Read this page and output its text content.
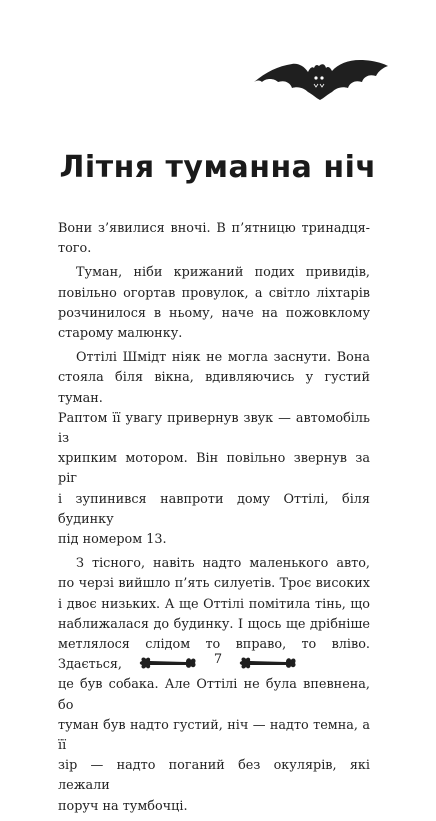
Літня туманна ніч

Вони з’явилися вночі. В п’ятницю тринадця-
того.

Туман, ніби крижаний подих привидів,
повільно огортав провулок, а світло ліхтарів
розчинилося в ньому, наче на пожовклому
старому малюнку.

Оттілі Шмідт ніяк не могла заснути. Вона
стояла біля вікна, вдивляючись у густий туман.
Раптом її увагу привернув звук — автомобіль із
хрипким мотором. Він повільно звернув за ріг
і зупинився навпроти дому Оттілі, біля будинку
під номером 13.

З тісного, навіть надто маленького авто,
по черзі вийшло п’ять силуетів. Троє високих
і двоє низьких. А ще Оттілі помітила тінь, що
наближалася до будинку. І щось ще дрібніше
метлялося слідом то вправо, то вліво. Здається,
це був собака. Але Оттілі не була впевнена, бо
туман був надто густий, ніч — надто темна, а її
зір — надто поганий без окулярів, які лежали
поруч на тумбочці.

7
